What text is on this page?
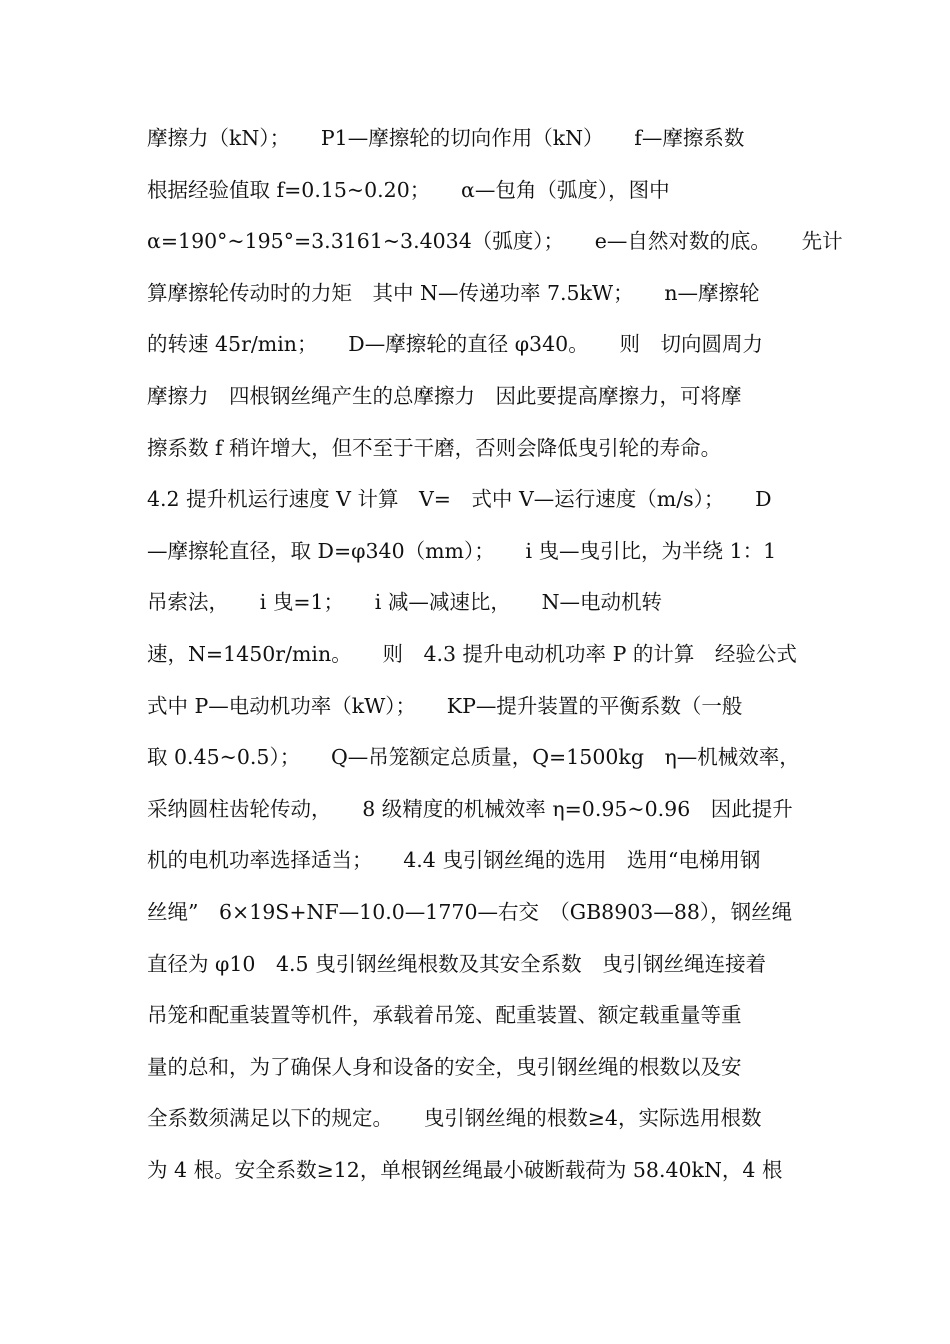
摩擦力（kN）；　　P1—摩擦轮的切向作用（kN）　　f—摩擦系数
根据经验值取 f=0.15~0.20；　　α—包角（弧度），图中
α=190°~195°=3.3161~3.4034（弧度）；　　e—自然对数的底。　　先计
算摩擦轮传动时的力矩　其中 N—传递功率 7.5kW；　　n—摩擦轮
的转速 45r/min；　　D—摩擦轮的直径 φ340。　　则　切向圆周力
摩擦力　四根钢丝绳产生的总摩擦力　因此要提高摩擦力，可将摩
擦系数 f 稍许增大，但不至于干磨，否则会降低曳引轮的寿命。
4.2 提升机运行速度 V 计算　V=　式中 V—运行速度（m/s）；　　D
—摩擦轮直径，取 D=φ340（mm）；　　i 曳—曳引比，为半绕 1：1
吊索法，　　i 曳=1；　　i 减—减速比，　　N—电动机转
速，N=1450r/min。　　则　4.3 提升电动机功率 P 的计算　经验公式
式中 P—电动机功率（kW）；　　KP—提升装置的平衡系数（一般
取 0.45~0.5）；　　Q—吊笼额定总质量，Q=1500kg　η—机械效率，
采纳圆柱齿轮传动，　　8 级精度的机械效率 η=0.95~0.96　因此提升
机的电机功率选择适当；　　4.4 曳引钢丝绳的选用　选用“电梯用钢
丝绳”　6×19S+NF—10.0—1770—右交　（GB8903—88），钢丝绳
直径为 φ10　4.5 曳引钢丝绳根数及其安全系数　曳引钢丝绳连接着
吊笼和配重装置等机件，承载着吊笼、配重装置、额定载重量等重
量的总和，为了确保人身和设备的安全，曳引钢丝绳的根数以及安
全系数须满足以下的规定。　　曳引钢丝绳的根数≥4，实际选用根数
为 4 根。安全系数≥12，单根钢丝绳最小破断载荷为 58.40kN，4 根
